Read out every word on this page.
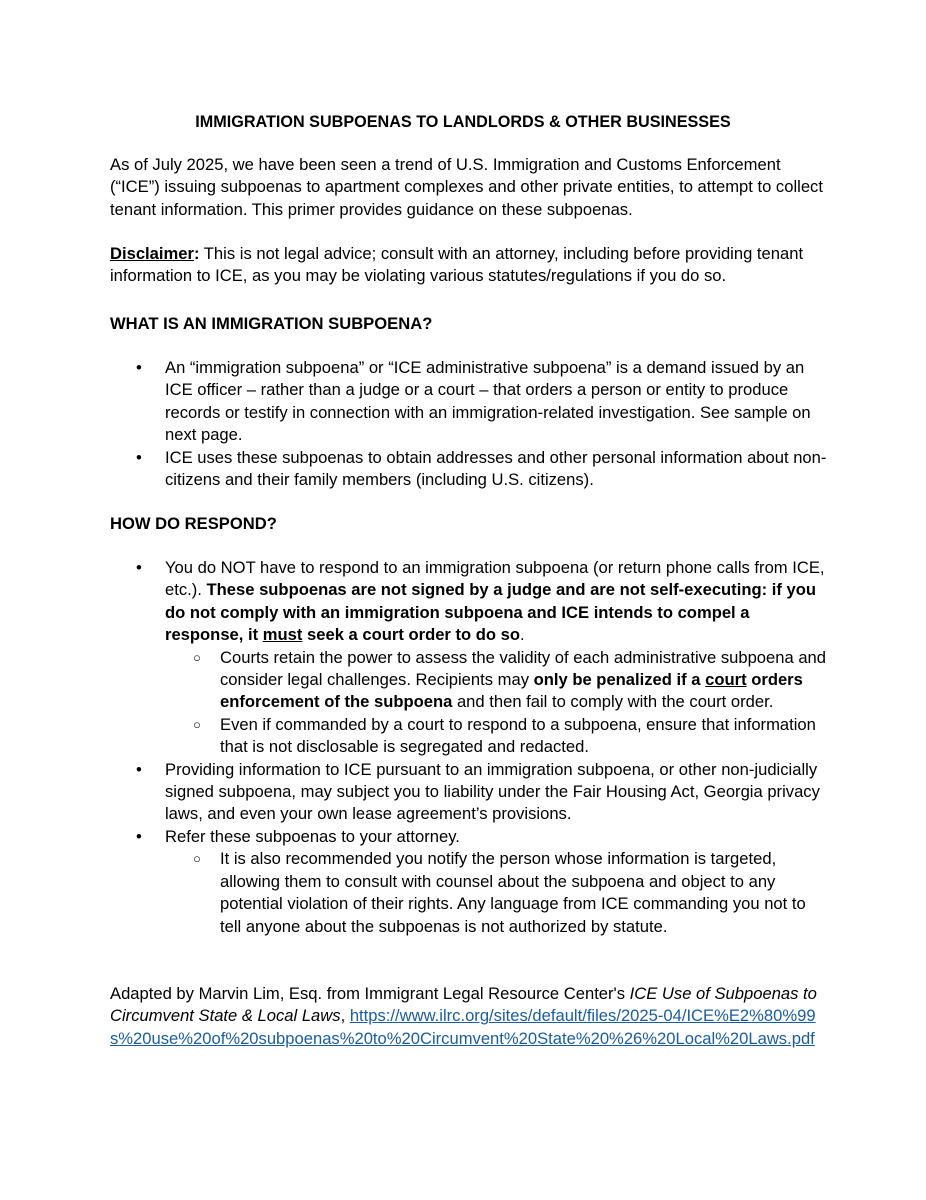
IMMIGRATION SUBPOENAS TO LANDLORDS & OTHER BUSINESSES
As of July 2025, we have been seen a trend of U.S. Immigration and Customs Enforcement (“ICE”) issuing subpoenas to apartment complexes and other private entities, to attempt to collect tenant information. This primer provides guidance on these subpoenas.
Disclaimer: This is not legal advice; consult with an attorney, including before providing tenant information to ICE, as you may be violating various statutes/regulations if you do so.
WHAT IS AN IMMIGRATION SUBPOENA?
• An “immigration subpoena” or “ICE administrative subpoena” is a demand issued by an ICE officer – rather than a judge or a court – that orders a person or entity to produce records or testify in connection with an immigration-related investigation. See sample on next page.
• ICE uses these subpoenas to obtain addresses and other personal information about non-citizens and their family members (including U.S. citizens).
HOW DO RESPOND?
• You do NOT have to respond to an immigration subpoena (or return phone calls from ICE, etc.). These subpoenas are not signed by a judge and are not self-executing: if you do not comply with an immigration subpoena and ICE intends to compel a response, it must seek a court order to do so.
○ Courts retain the power to assess the validity of each administrative subpoena and consider legal challenges. Recipients may only be penalized if a court orders enforcement of the subpoena and then fail to comply with the court order.
○ Even if commanded by a court to respond to a subpoena, ensure that information that is not disclosable is segregated and redacted.
• Providing information to ICE pursuant to an immigration subpoena, or other non-judicially signed subpoena, may subject you to liability under the Fair Housing Act, Georgia privacy laws, and even your own lease agreement’s provisions.
• Refer these subpoenas to your attorney.
○ It is also recommended you notify the person whose information is targeted, allowing them to consult with counsel about the subpoena and object to any potential violation of their rights. Any language from ICE commanding you not to tell anyone about the subpoenas is not authorized by statute.
Adapted by Marvin Lim, Esq. from Immigrant Legal Resource Center's ICE Use of Subpoenas to Circumvent State & Local Laws, https://www.ilrc.org/sites/default/files/2025-04/ICE%E2%80%99s%20use%20of%20subpoenas%20to%20Circumvent%20State%20%26%20Local%20Laws.pdf
